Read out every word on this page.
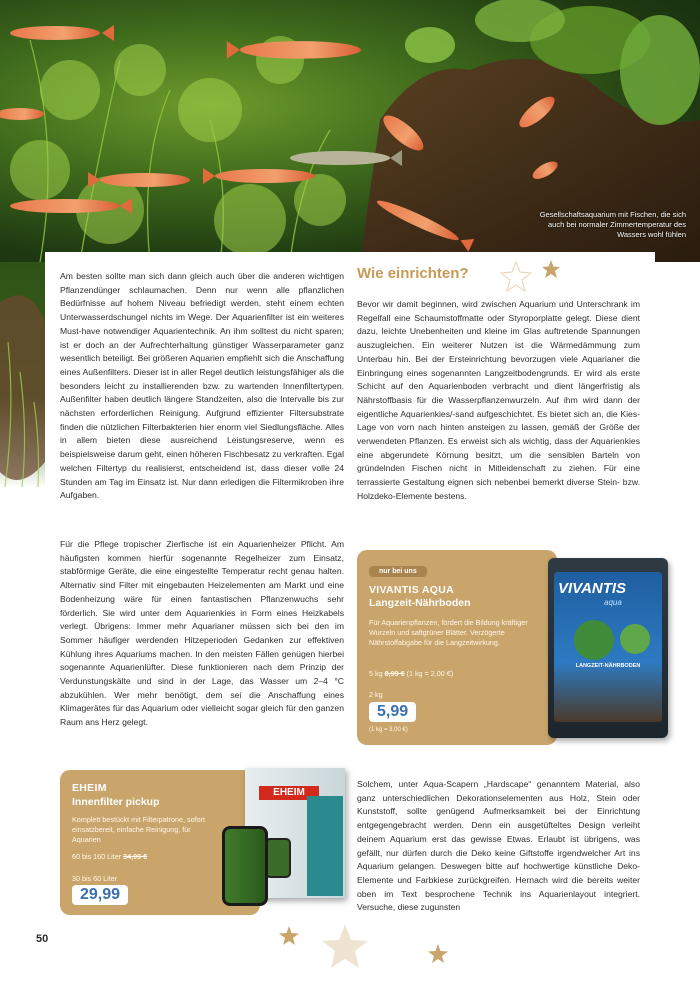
Gesellschaftsaquarium mit Fischen, die sich auch bei normaler Zimmertemperatur des Wassers wohl fühlen

Am besten sollte man sich dann gleich auch über die anderen wichtigen Pflanzendünger schlaumachen. Denn nur wenn alle pflanzlichen Bedürfnisse auf hohem Niveau befriedigt werden, steht einem echten Unterwasserdschungel nichts im Wege. Der Aquarienfilter ist ein weiteres Must-have notwendiger Aquarientechnik. An ihm solltest du nicht sparen; ist er doch an der Aufrechterhaltung günstiger Wasserparameter ganz wesentlich beteiligt. Bei größeren Aquarien empfiehlt sich die Anschaffung eines Außenfilters. Dieser ist in aller Regel deutlich leistungsfähiger als die besonders leicht zu installierenden bzw. zu wartenden Innenfiltertypen. Außenfilter haben deutlich längere Standzeiten, also die Intervalle bis zur nächsten erforderlichen Reinigung. Aufgrund effizienter Filtersubstrate finden die nützlichen Filterbakterien hier enorm viel Siedlungsfläche. Alles in allem bieten diese ausreichend Leistungsreserve, wenn es beispielsweise darum geht, einen höheren Fischbesatz zu verkraften. Egal welchen Filtertyp du realisierst, entscheidend ist, dass dieser volle 24 Stunden am Tag im Einsatz ist. Nur dann erledigen die Filtermikroben ihre Aufgaben.

Für die Pflege tropischer Zierfische ist ein Aquarienheizer Pflicht. Am häufigsten kommen hierfür sogenannte Regelheizer zum Einsatz, stabförmige Geräte, die eine eingestellte Temperatur recht genau halten. Alternativ sind Filter mit eingebauten Heizelementen am Markt und eine Bodenheizung wäre für einen fantastischen Pflanzenwuchs sehr förderlich. Sie wird unter dem Aquarienkies in Form eines Heizkabels verlegt. Übrigens: Immer mehr Aquarianer müssen sich bei den im Sommer häufiger werdenden Hitzeperioden Gedanken zur effektiven Kühlung ihres Aquariums machen. In den meisten Fällen genügen hierbei sogenannte Aquarienlüfter. Diese funktionieren nach dem Prinzip der Verdunstungskälte und sind in der Lage, das Wasser um 2–4 °C abzukühlen. Wer mehr benötigt, dem sei die Anschaffung eines Klimagerätes für das Aquarium oder vielleicht sogar gleich für den ganzen Raum ans Herz gelegt.

Wie einrichten?

Bevor wir damit beginnen, wird zwischen Aquarium und Unterschrank im Regelfall eine Schaumstoffmatte oder Styroporplatte gelegt. Diese dient dazu, leichte Unebenheiten und kleine im Glas auftretende Spannungen auszugleichen. Ein weiterer Nutzen ist die Wärmedämmung zum Unterbau hin. Bei der Ersteinrichtung bevorzugen viele Aquarianer die Einbringung eines sogenannten Langzeitbodengrunds. Er wird als erste Schicht auf den Aquarienboden verbracht und dient längerfristig als Nährstoffbasis für die Wasserpflanzenwurzeln. Auf ihm wird dann der eigentliche Aquarienkies/-sand aufgeschichtet. Es bietet sich an, die Kies-Lage von vorn nach hinten ansteigen zu lassen, gemäß der Größe der verwendeten Pflanzen. Es erweist sich als wichtig, dass der Aquarienkies eine abgerundete Körnung besitzt, um die sensiblen Barteln von gründelnden Fischen nicht in Mitleidenschaft zu ziehen. Für eine terrassierte Gestaltung eignen sich nebenbei bemerkt diverse Stein- bzw. Holzdeko-Elemente bestens.

Solchem, unter Aqua-Scapern „Hardscape“ genanntem Material, also ganz unterschiedlichen Dekorationselementen aus Holz, Stein oder Kunststoff, sollte genügend Aufmerksamkeit bei der Einrichtung entgegengebracht werden. Denn ein ausgetüfteltes Design verleiht deinem Aquarium erst das gewisse Etwas. Erlaubt ist übrigens, was gefällt, nur dürfen durch die Deko keine Giftstoffe irgendwelcher Art ins Aquarium gelangen. Deswegen bitte auf hochwertige künstliche Deko-Elemente und Farbkiese zurückgreifen. Hernach wird die bereits weiter oben im Text besprochene Technik ins Aquarienlayout integriert. Versuche, diese zugunsten

nur bei uns
VIVANTIS AQUA
Langzeit-Nährboden
Für Aquarienpflanzen, fördert die Bildung kräftiger Wurzeln und saftgrüner Blätter. Verzögerte Nährstoffabgabe für die Langzeitwirkung.
5 kg 8,99 € (1 kg = 2,00 €)
2 kg
5,99
(1 kg = 3,00 €)
VIVANTIS
aqua
LANGZEIT-NÄHRBODEN
EHEIM
Innenfilter pickup
Komplett bestückt mit Filterpatrone, sofort einsatzbereit, einfache Reinigung, für Aquarien
60 bis 160 Liter 34,99 €
30 bis 60 Liter
29,99
EHEIM
50
